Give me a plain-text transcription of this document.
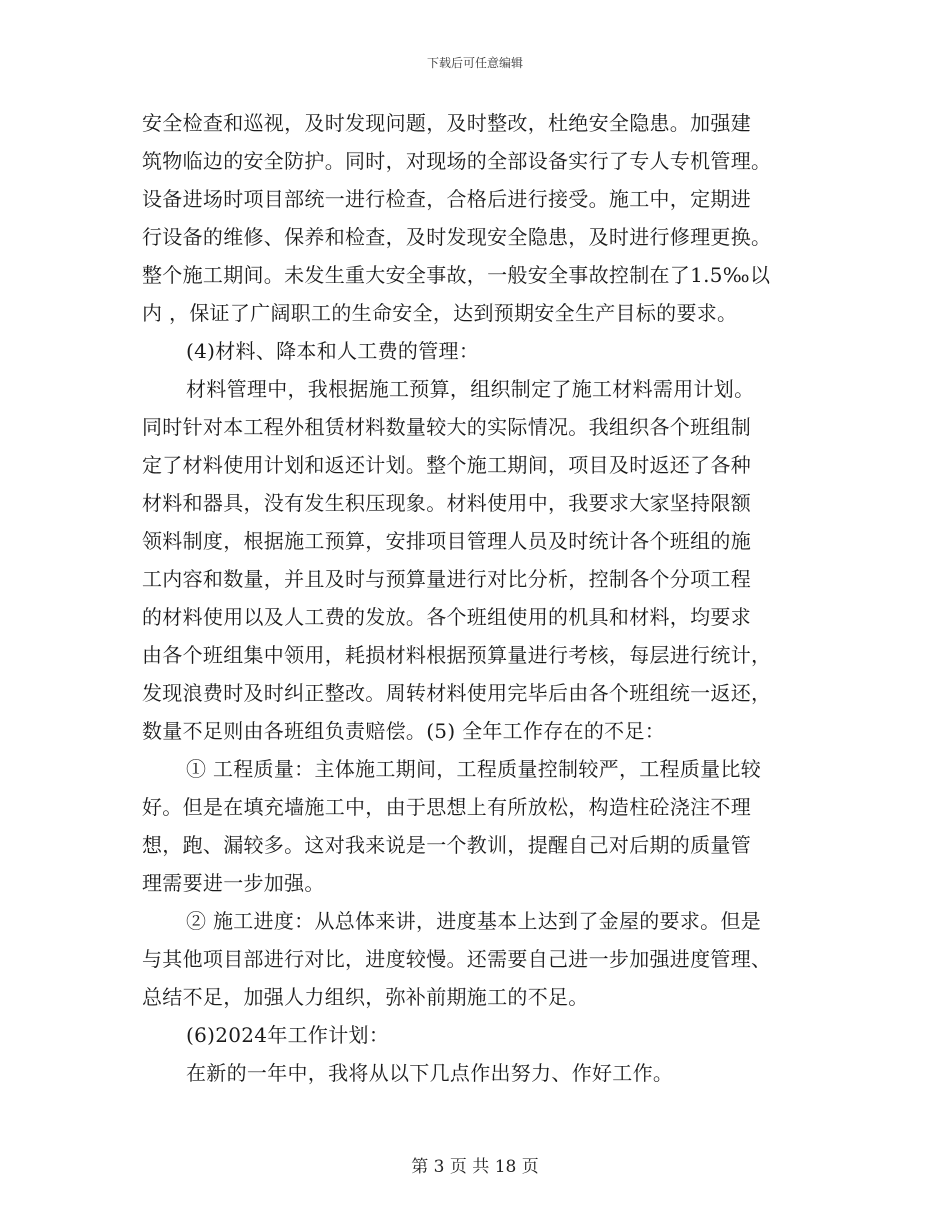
下载后可任意编辑
安全检查和巡视，及时发现问题，及时整改，杜绝安全隐患。加强建
筑物临边的安全防护。同时，对现场的全部设备实行了专人专机管理。
设备进场时项目部统一进行检查，合格后进行接受。施工中，定期进
行设备的维修、保养和检查，及时发现安全隐患，及时进行修理更换。
整个施工期间。未发生重大安全事故，一般安全事故控制在了1.5‰以
内 ，保证了广阔职工的生命安全，达到预期安全生产目标的要求。
(4)材料、降本和人工费的管理：
材料管理中，我根据施工预算，组织制定了施工材料需用计划。
同时针对本工程外租赁材料数量较大的实际情况。我组织各个班组制
定了材料使用计划和返还计划。整个施工期间，项目及时返还了各种
材料和器具，没有发生积压现象。材料使用中，我要求大家坚持限额
领料制度，根据施工预算，安排项目管理人员及时统计各个班组的施
工内容和数量，并且及时与预算量进行对比分析，控制各个分项工程
的材料使用以及人工费的发放。各个班组使用的机具和材料，均要求
由各个班组集中领用，耗损材料根据预算量进行考核，每层进行统计，
发现浪费时及时纠正整改。周转材料使用完毕后由各个班组统一返还，
数量不足则由各班组负责赔偿。(5) 全年工作存在的不足：
① 工程质量：主体施工期间，工程质量控制较严，工程质量比较
好。但是在填充墙施工中，由于思想上有所放松，构造柱砼浇注不理
想，跑、漏较多。这对我来说是一个教训，提醒自己对后期的质量管
理需要进一步加强。
② 施工进度：从总体来讲，进度基本上达到了金屋的要求。但是
与其他项目部进行对比，进度较慢。还需要自己进一步加强进度管理、
总结不足，加强人力组织，弥补前期施工的不足。
(6)2024年工作计划：
在新的一年中，我将从以下几点作出努力、作好工作。
第 3 页 共 18 页
